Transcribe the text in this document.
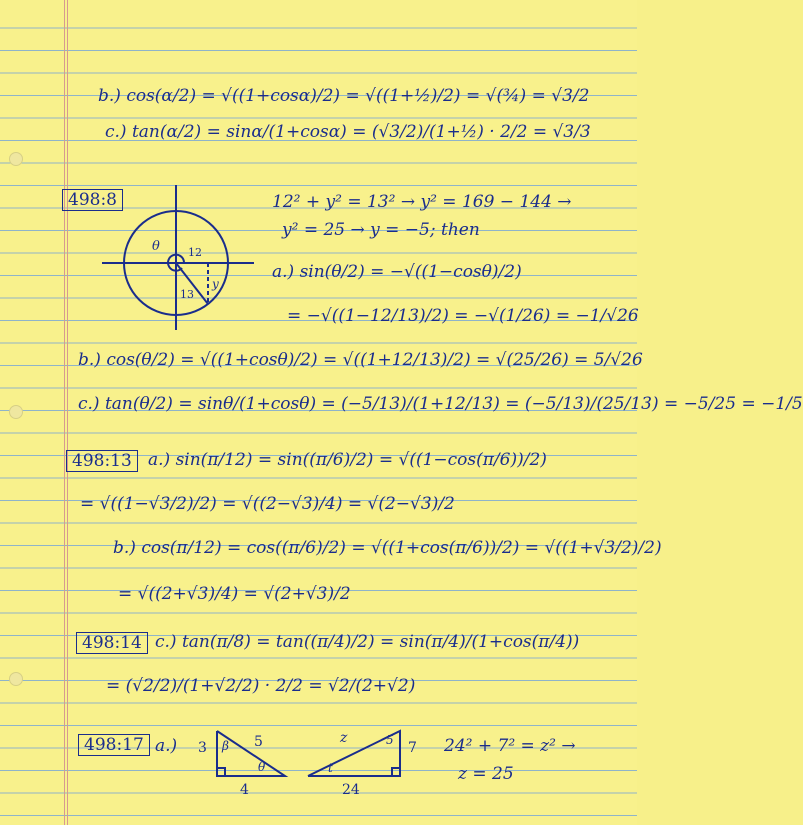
b.) cos(α/2) = √((1+cosα)/2) = √((1+½)/2) = √(¾) = √3/2
c.) tan(α/2) = sinα/(1+cosα) = (√3/2)/(1+½) · 2/2 = √3/3
498:8	12² + y² = 13² → y² = 169 − 144 →
y² = 25 → y = −5; then
a.) sin(θ/2) = −√((1−cosθ)/2)
= −√((1−12/13)/2) = −√(1/26) = −1/√26
b.) cos(θ/2) = √((1+cosθ)/2) = √((1+12/13)/2) = √(25/26) = 5/√26
c.) tan(θ/2) = sinθ/(1+cosθ) = (−5/13)/(1+12/13) = (−5/13)/(25/13) = −5/25 = −1/5
498:13 a.) sin(π/12) = sin((π/6)/2) = √((1−cos(π/6))/2)
= √((1−√3/2)/2) = √((2−√3)/4) = √(2−√3)/2
b.) cos(π/12) = cos((π/6)/2) = √((1+cos(π/6))/2) = √((1+√3/2)/2)
= √((2+√3)/4) = √(2+√3)/2
498:14 c.) tan(π/8) = tan((π/4)/2) = sin(π/4)/(1+cos(π/4))
= (√2/2)/(1+√2/2) · 2/2 = √2/(2+√2)
498:17 a.)	24² + 7² = z² →
z = 25
θ	12
13
y
3	5
4
β
θ
z
7
5
24
t
